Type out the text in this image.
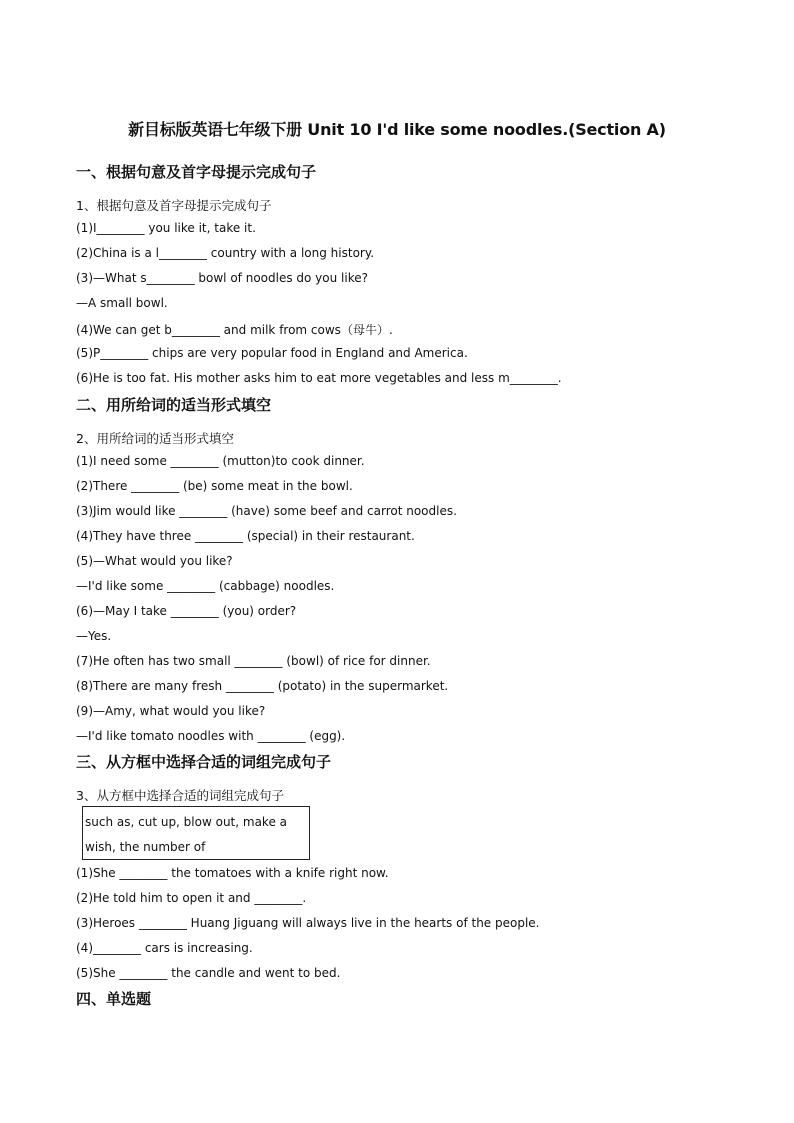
新目标版英语七年级下册 Unit 10 I'd like some noodles.(Section A)
一、根据句意及首字母提示完成句子
1、根据句意及首字母提示完成句子
(1)I________ you like it, take it.
(2)China is a l________ country with a long history.
(3)—What s________ bowl of noodles do you like?
—A small bowl.
(4)We can get b________ and milk from cows（母牛）.
(5)P________ chips are very popular food in England and America.
(6)He is too fat. His mother asks him to eat more vegetables and less m________.
二、用所给词的适当形式填空
2、用所给词的适当形式填空
(1)I need some ________ (mutton)to cook dinner.
(2)There ________ (be) some meat in the bowl.
(3)Jim would like ________ (have) some beef and carrot noodles.
(4)They have three ________ (special) in their restaurant.
(5)—What would you like?
—I'd like some ________ (cabbage) noodles.
(6)—May I take ________ (you) order?
—Yes.
(7)He often has two small ________ (bowl) of rice for dinner.
(8)There are many fresh ________ (potato) in the supermarket.
(9)—Amy, what would you like?
—I'd like tomato noodles with ________ (egg).
三、从方框中选择合适的词组完成句子
3、从方框中选择合适的词组完成句子
such as, cut up, blow out, make a
wish, the number of
(1)She ________ the tomatoes with a knife right now.
(2)He told him to open it and ________.
(3)Heroes ________ Huang Jiguang will always live in the hearts of the people.
(4)________ cars is increasing.
(5)She ________ the candle and went to bed.
四、单选题
